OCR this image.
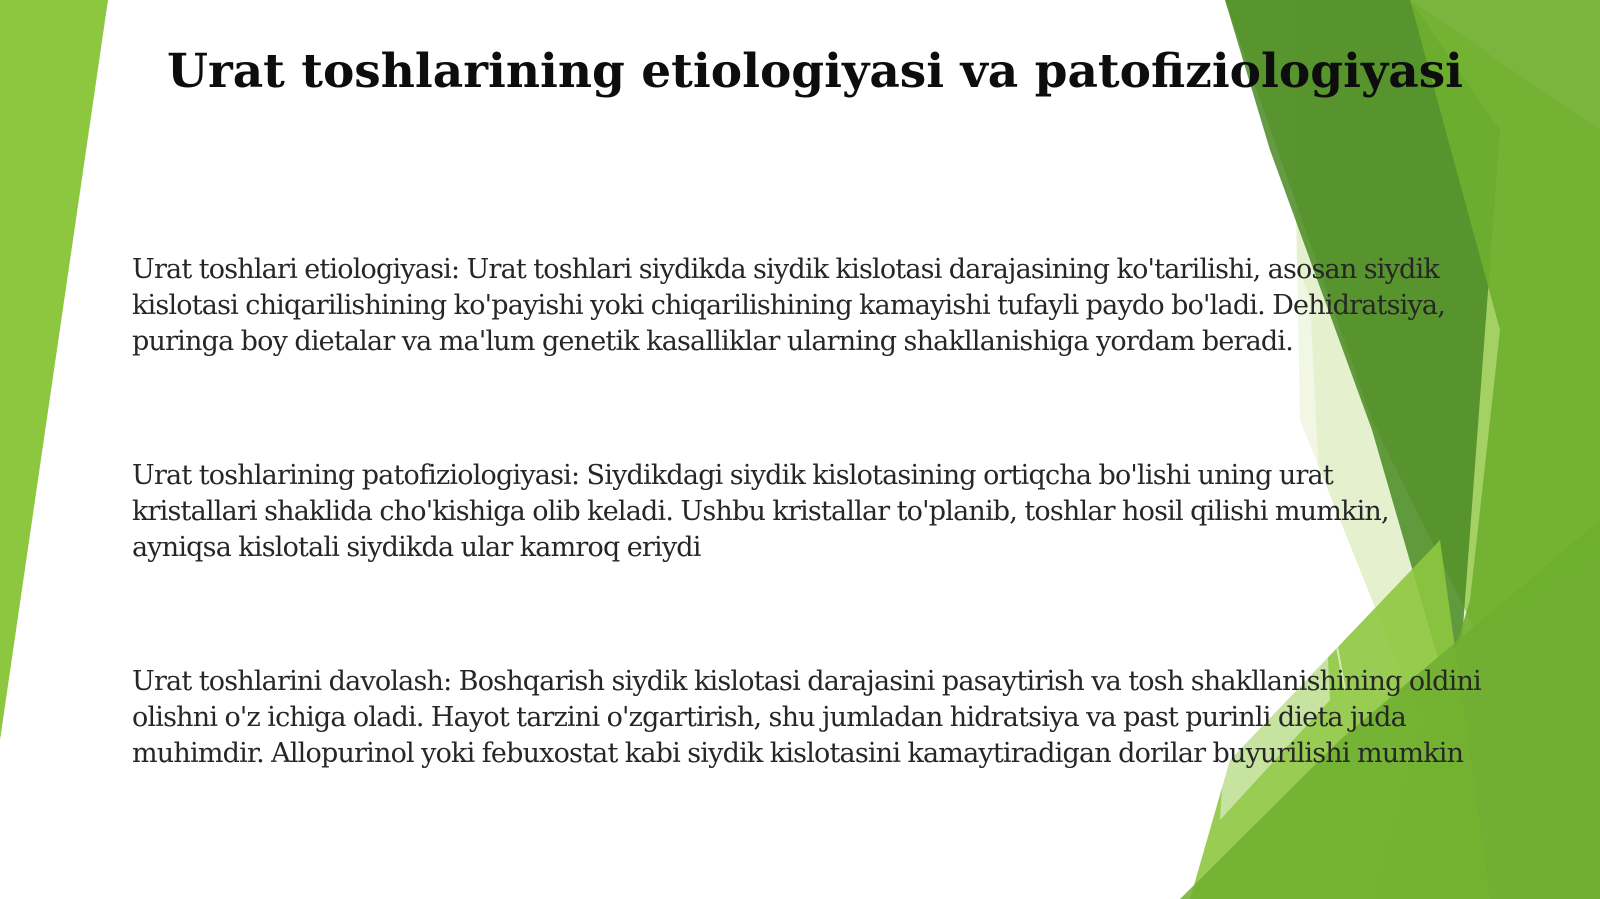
Urat toshlarining etiologiyasi va patofiziologiyasi
Urat toshlari etiologiyasi: Urat toshlari siydikda siydik kislotasi darajasining ko'tarilishi, asosan siydik kislotasi chiqarilishining ko'payishi yoki chiqarilishining kamayishi tufayli paydo bo'ladi. Dehidratsiya, puringa boy dietalar va ma'lum genetik kasalliklar ularning shakllanishiga yordam beradi.
Urat toshlarining patofiziologiyasi: Siydikdagi siydik kislotasining ortiqcha bo'lishi uning urat kristallari shaklida cho'kishiga olib keladi. Ushbu kristallar to'planib, toshlar hosil qilishi mumkin, ayniqsa kislotali siydikda ular kamroq eriydi
Urat toshlarini davolash: Boshqarish siydik kislotasi darajasini pasaytirish va tosh shakllanishining oldini olishni o'z ichiga oladi. Hayot tarzini o'zgartirish, shu jumladan hidratsiya va past purinli dieta juda muhimdir. Allopurinol yoki febuxostat kabi siydik kislotasini kamaytiradigan dorilar buyurilishi mumkin
